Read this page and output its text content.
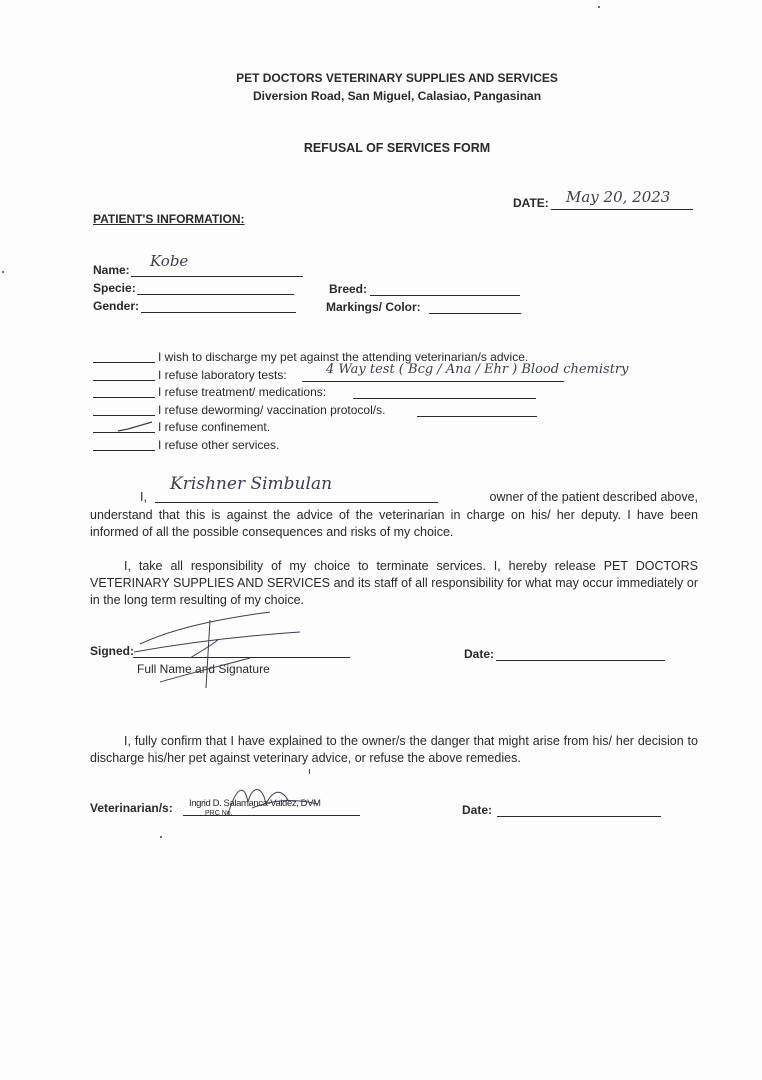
PET DOCTORS VETERINARY SUPPLIES AND SERVICES
Diversion Road, San Miguel, Calasiao, Pangasinan
REFUSAL OF SERVICES FORM
DATE: May 20, 2023
PATIENT'S INFORMATION:
Name: Kobe
Specie:	Breed:
Gender:	Markings/ Color:
I wish to discharge my pet against the attending veterinarian/s advice.
I refuse laboratory tests:	4 Way test ( Bcg / Ana / Ehr ) Blood chemistry
I refuse treatment/ medications:
I refuse deworming/ vaccination protocol/s.
I refuse confinement.
I refuse other services.
I,
Krishner Simbulan
owner of the patient described above,
understand that this is against the advice of the veterinarian in charge on his/ her deputy. I have been informed of all the possible consequences and risks of my choice.
I, take all responsibility of my choice to terminate services. I, hereby release PET DOCTORS VETERINARY SUPPLIES AND SERVICES and its staff of all responsibility for what may occur immediately or in the long term resulting of my choice.
Signed:
Full Name and Signature
Date:
I, fully confirm that I have explained to the owner/s the danger that might arise from his/ her decision to discharge his/her pet against veterinary advice, or refuse the above remedies.
Veterinarian/s: Ingrid D. Salamanca-Valdez, DVM
PRC No.	Date:
